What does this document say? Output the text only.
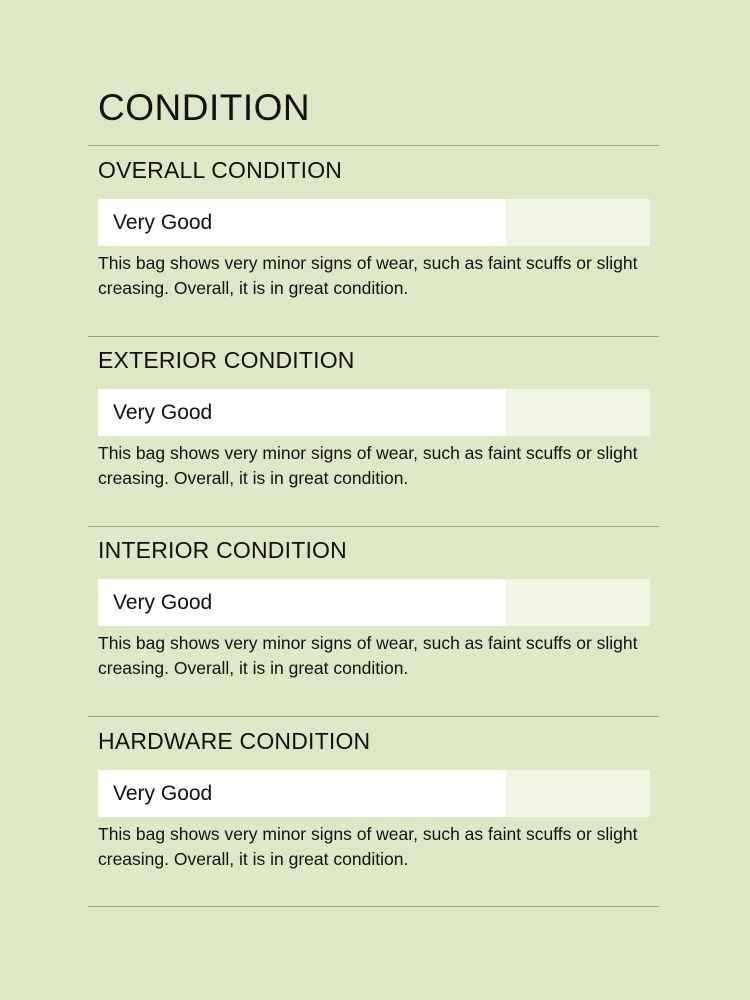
CONDITION
OVERALL CONDITION
Very Good

This bag shows very minor signs of wear, such as faint scuffs or slight creasing. Overall, it is in great condition.

EXTERIOR CONDITION
Very Good

This bag shows very minor signs of wear, such as faint scuffs or slight creasing. Overall, it is in great condition.

INTERIOR CONDITION
Very Good

This bag shows very minor signs of wear, such as faint scuffs or slight creasing. Overall, it is in great condition.

HARDWARE CONDITION
Very Good

This bag shows very minor signs of wear, such as faint scuffs or slight creasing. Overall, it is in great condition.
